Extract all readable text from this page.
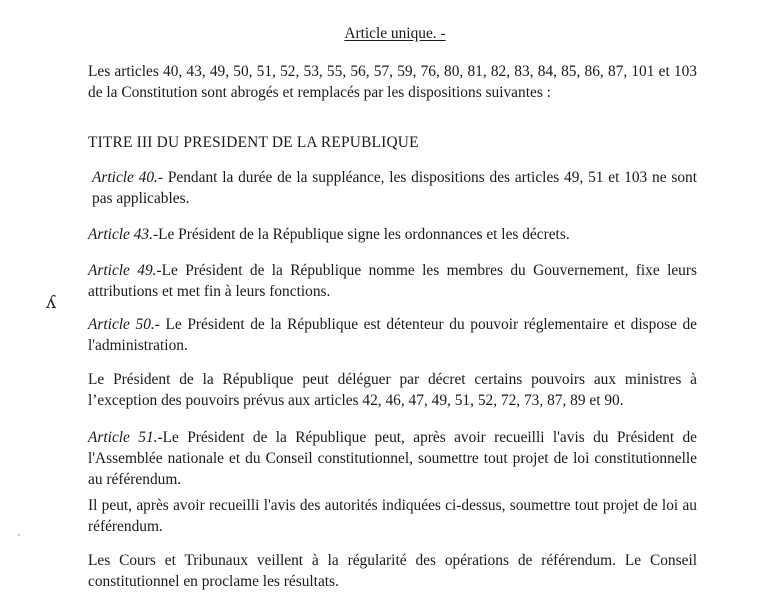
Article unique. -

Les articles 40, 43, 49, 50, 51, 52, 53, 55, 56, 57, 59, 76, 80, 81, 82, 83, 84, 85, 86, 87, 101 et 103 de la Constitution sont abrogés et remplacés par les dispositions suivantes :

TITRE III DU PRESIDENT DE LA REPUBLIQUE

Article 40.- Pendant la durée de la suppléance, les dispositions des articles 49, 51 et 103 ne sont pas applicables.

Article 43.-Le Président de la République signe les ordonnances et les décrets.

Article 49.-Le Président de la République nomme les membres du Gouvernement, fixe leurs attributions et met fin à leurs fonctions.

ʎ

Article 50.- Le Président de la République est détenteur du pouvoir réglementaire et dispose de l'administration.

Le Président de la République peut déléguer par décret certains pouvoirs aux ministres à l’exception des pouvoirs prévus aux articles 42, 46, 47, 49, 51, 52, 72, 73, 87, 89 et 90.

Article 51.-Le Président de la République peut, après avoir recueilli l'avis du Président de l'Assemblée nationale et du Conseil constitutionnel, soumettre tout projet de loi constitutionnelle au référendum.

Il peut, après avoir recueilli l'avis des autorités indiquées ci-dessus, soumettre tout projet de loi au référendum.

Les Cours et Tribunaux veillent à la régularité des opérations de référendum. Le Conseil constitutionnel en proclame les résultats.
